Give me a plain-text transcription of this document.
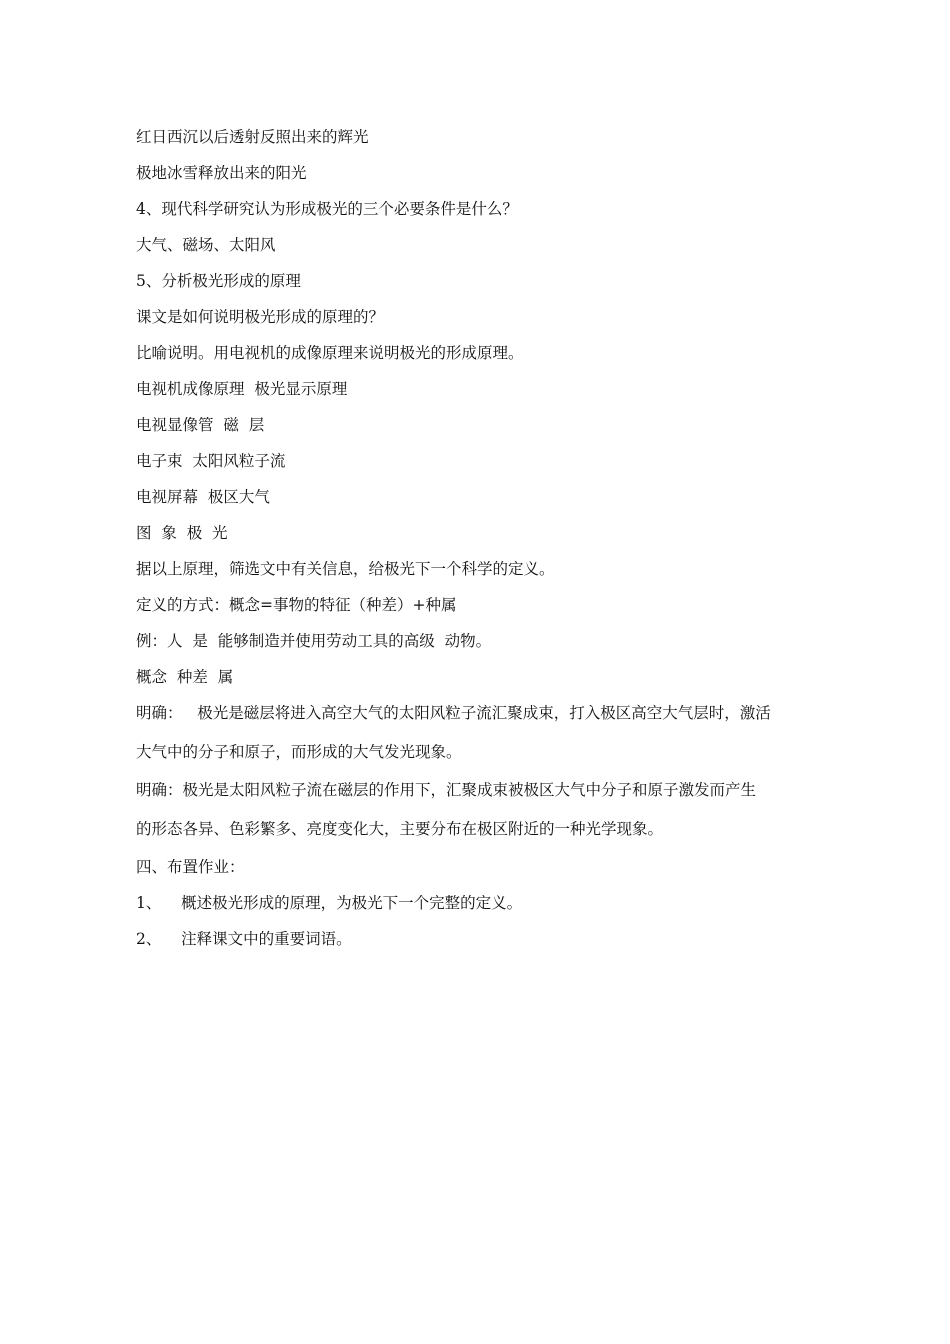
红日西沉以后透射反照出来的辉光
极地冰雪释放出来的阳光
4、现代科学研究认为形成极光的三个必要条件是什么？
大气、磁场、太阳风
5、分析极光形成的原理
课文是如何说明极光形成的原理的？
比喻说明。用电视机的成像原理来说明极光的形成原理。
电视机成像原理  极光显示原理
电视显像管  磁  层
电子束  太阳风粒子流
电视屏幕  极区大气
图  象  极  光
据以上原理，筛选文中有关信息，给极光下一个科学的定义。
定义的方式：概念=事物的特征（种差）+种属
例：人  是  能够制造并使用劳动工具的高级  动物。
概念  种差  属
明确：   极光是磁层将进入高空大气的太阳风粒子流汇聚成束，打入极区高空大气层时，激活
大气中的分子和原子，而形成的大气发光现象。
明确：极光是太阳风粒子流在磁层的作用下，汇聚成束被极区大气中分子和原子激发而产生
的形态各异、色彩繁多、亮度变化大，主要分布在极区附近的一种光学现象。
四、布置作业：
1、    概述极光形成的原理，为极光下一个完整的定义。
2、    注释课文中的重要词语。
